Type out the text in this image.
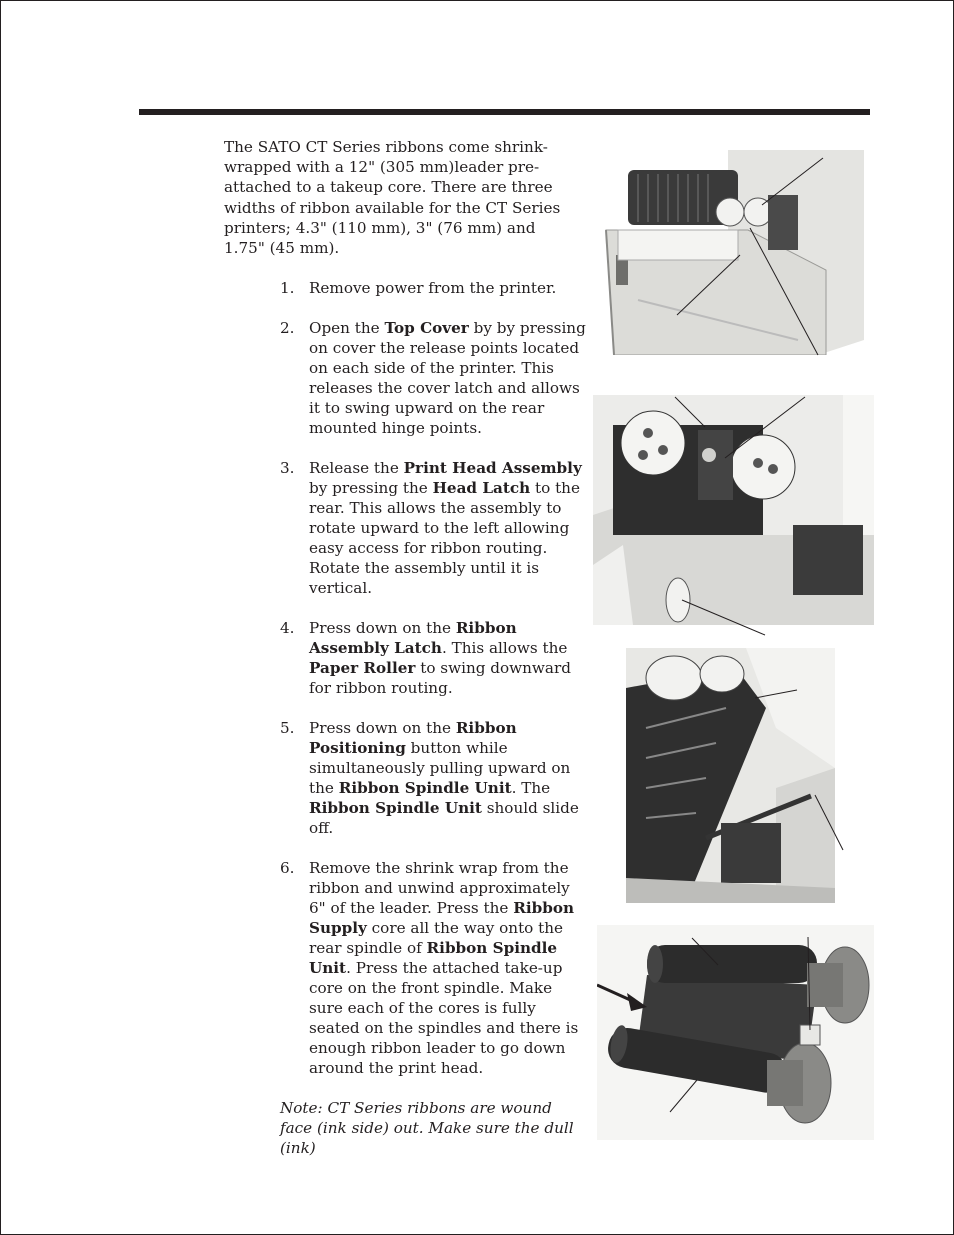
The SATO CT Series ribbons come shrink-wrapped with a 12" (305 mm)leader pre-attached to a takeup core. There are three widths of ribbon available for the CT Series printers; 4.3" (110 mm), 3" (76 mm) and 1.75" (45 mm).

1. Remove power from the printer.
2. Open the Top Cover by by pressing on cover the release points located on each side of the printer. This releases the cover latch and allows it to swing upward on the rear mounted hinge points.
3. Release the Print Head Assembly by pressing the Head Latch to the rear. This allows the assembly to rotate upward to the left allowing easy access for ribbon routing. Rotate the assembly until it is vertical.
4. Press down on the Ribbon Assembly Latch. This allows the Paper Roller to swing downward for ribbon routing.
5. Press down on the Ribbon Positioning button while simultaneously pulling upward on the Ribbon Spindle Unit. The Ribbon Spindle Unit should slide off.
6. Remove the shrink wrap from the ribbon and unwind approximately 6" of the leader. Press the Ribbon Supply core all the way onto the rear spindle of Ribbon Spindle Unit. Press the attached take-up core on the front spindle. Make sure each of the cores is fully seated on the spindles and there is enough ribbon leader to go down around the print head.

Note: CT Series ribbons are wound face (ink side) out. Make sure the dull (ink)
